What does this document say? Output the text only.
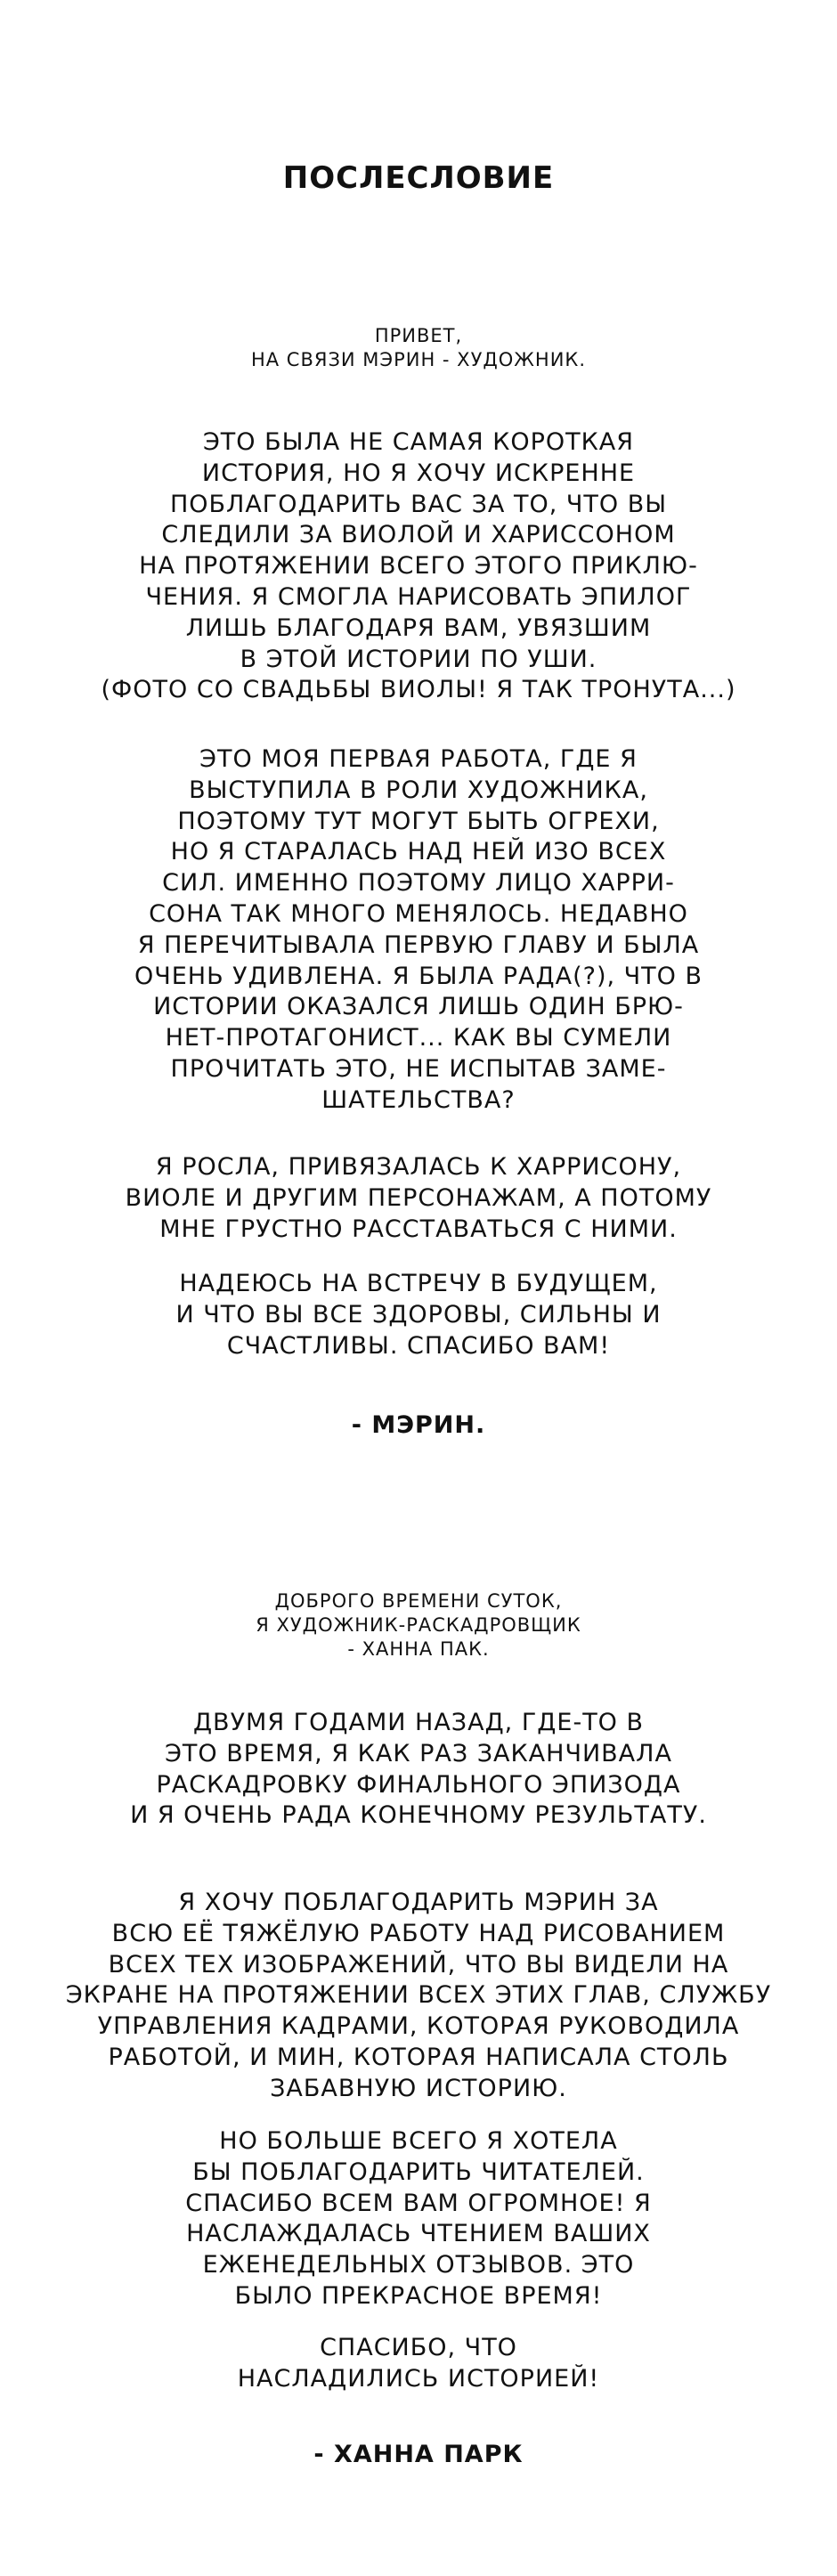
ПОСЛЕСЛОВИЕ
ПРИВЕТ,
НА СВЯЗИ МЭРИН - ХУДОЖНИК.
ЭТО БЫЛА НЕ САМАЯ КОРОТКАЯ
ИСТОРИЯ, НО Я ХОЧУ ИСКРЕННЕ
ПОБЛАГОДАРИТЬ ВАС ЗА ТО, ЧТО ВЫ
СЛЕДИЛИ ЗА ВИОЛОЙ И ХАРИССОНОМ
НА ПРОТЯЖЕНИИ ВСЕГО ЭТОГО ПРИКЛЮ-
ЧЕНИЯ. Я СМОГЛА НАРИСОВАТЬ ЭПИЛОГ
ЛИШЬ БЛАГОДАРЯ ВАМ, УВЯЗШИМ
В ЭТОЙ ИСТОРИИ ПО УШИ.
(ФОТО СО СВАДЬБЫ ВИОЛЫ! Я ТАК ТРОНУТА...)
ЭТО МОЯ ПЕРВАЯ РАБОТА, ГДЕ Я
ВЫСТУПИЛА В РОЛИ ХУДОЖНИКА,
ПОЭТОМУ ТУТ МОГУТ БЫТЬ ОГРЕХИ,
НО Я СТАРАЛАСЬ НАД НЕЙ ИЗО ВСЕХ
СИЛ. ИМЕННО ПОЭТОМУ ЛИЦО ХАРРИ-
СОНА ТАК МНОГО МЕНЯЛОСЬ. НЕДАВНО
Я ПЕРЕЧИТЫВАЛА ПЕРВУЮ ГЛАВУ И БЫЛА
ОЧЕНЬ УДИВЛЕНА. Я БЫЛА РАДА(?), ЧТО В
ИСТОРИИ ОКАЗАЛСЯ ЛИШЬ ОДИН БРЮ-
НЕТ-ПРОТАГОНИСТ... КАК ВЫ СУМЕЛИ
ПРОЧИТАТЬ ЭТО, НЕ ИСПЫТАВ ЗАМЕ-
ШАТЕЛЬСТВА?
Я РОСЛА, ПРИВЯЗАЛАСЬ К ХАРРИСОНУ,
ВИОЛЕ И ДРУГИМ ПЕРСОНАЖАМ, А ПОТОМУ
МНЕ ГРУСТНО РАССТАВАТЬСЯ С НИМИ.
НАДЕЮСЬ НА ВСТРЕЧУ В БУДУЩЕМ,
И ЧТО ВЫ ВСЕ ЗДОРОВЫ, СИЛЬНЫ И
СЧАСТЛИВЫ. СПАСИБО ВАМ!
- МЭРИН.
ДОБРОГО ВРЕМЕНИ СУТОК,
Я ХУДОЖНИК-РАСКАДРОВЩИК
- ХАННА ПАК.
ДВУМЯ ГОДАМИ НАЗАД, ГДЕ-ТО В
ЭТО ВРЕМЯ, Я КАК РАЗ ЗАКАНЧИВАЛА
РАСКАДРОВКУ ФИНАЛЬНОГО ЭПИЗОДА
И Я ОЧЕНЬ РАДА КОНЕЧНОМУ РЕЗУЛЬТАТУ.
Я ХОЧУ ПОБЛАГОДАРИТЬ МЭРИН ЗА
ВСЮ ЕЁ ТЯЖЁЛУЮ РАБОТУ НАД РИСОВАНИЕМ
ВСЕХ ТЕХ ИЗОБРАЖЕНИЙ, ЧТО ВЫ ВИДЕЛИ НА
ЭКРАНЕ НА ПРОТЯЖЕНИИ ВСЕХ ЭТИХ ГЛАВ, СЛУЖБУ
УПРАВЛЕНИЯ КАДРАМИ, КОТОРАЯ РУКОВОДИЛА
РАБОТОЙ, И МИН, КОТОРАЯ НАПИСАЛА СТОЛЬ
ЗАБАВНУЮ ИСТОРИЮ.
НО БОЛЬШЕ ВСЕГО Я ХОТЕЛА
БЫ ПОБЛАГОДАРИТЬ ЧИТАТЕЛЕЙ.
СПАСИБО ВСЕМ ВАМ ОГРОМНОЕ! Я
НАСЛАЖДАЛАСЬ ЧТЕНИЕМ ВАШИХ
ЕЖЕНЕДЕЛЬНЫХ ОТЗЫВОВ. ЭТО
БЫЛО ПРЕКРАСНОЕ ВРЕМЯ!
СПАСИБО, ЧТО
НАСЛАДИЛИСЬ ИСТОРИЕЙ!
- ХАННА ПАРК
